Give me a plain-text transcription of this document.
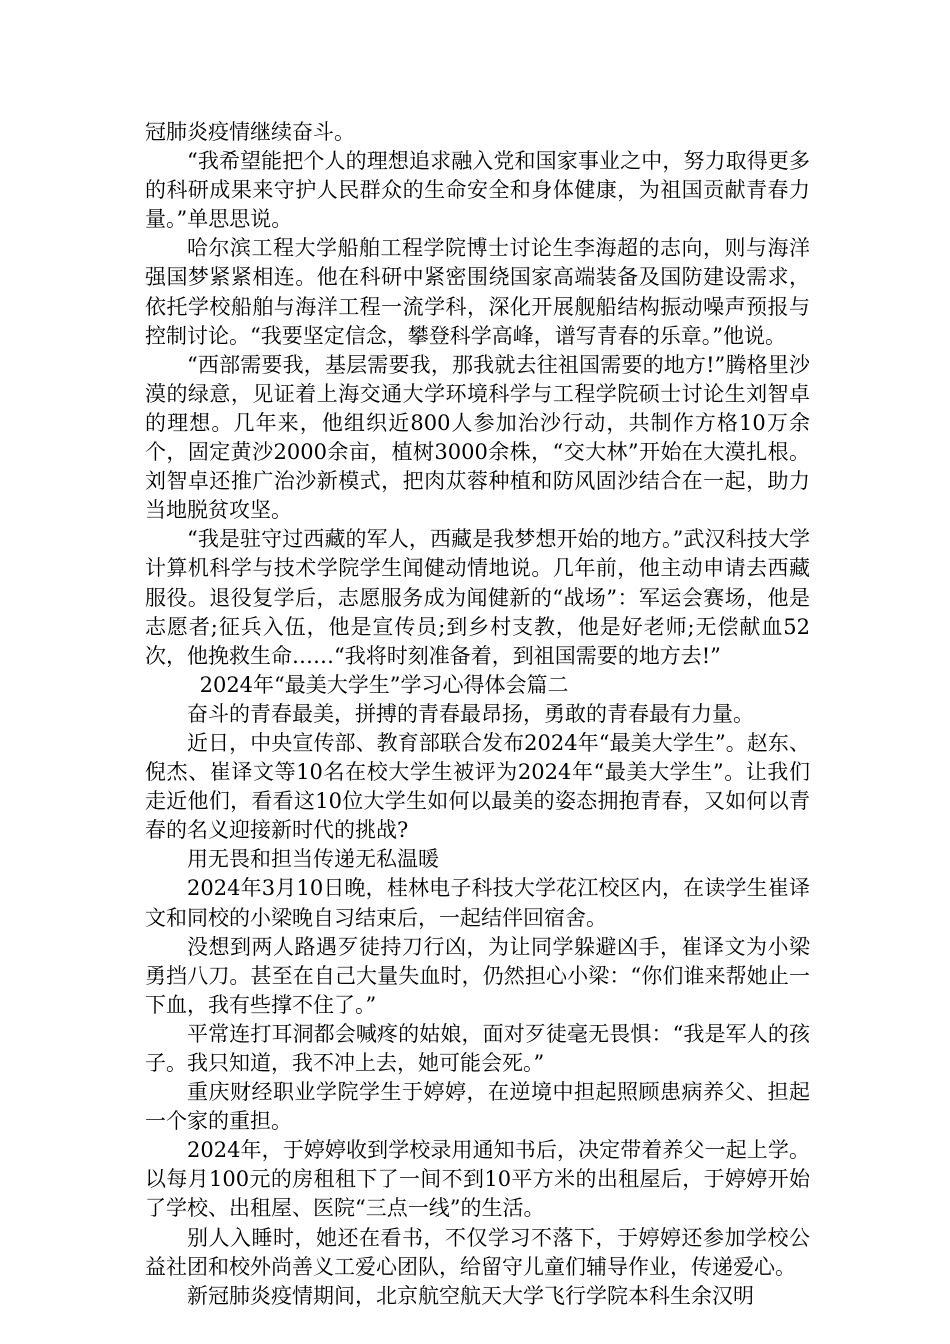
冠肺炎疫情继续奋斗。

“我希望能把个人的理想追求融入党和国家事业之中，努力取得更多的科研成果来守护人民群众的生命安全和身体健康，为祖国贡献青春力量。”单思思说。

哈尔滨工程大学船舶工程学院博士讨论生李海超的志向，则与海洋强国梦紧紧相连。他在科研中紧密围绕国家高端装备及国防建设需求，依托学校船舶与海洋工程一流学科，深化开展舰船结构振动噪声预报与控制讨论。“我要坚定信念，攀登科学高峰，谱写青春的乐章。”他说。

“西部需要我，基层需要我，那我就去往祖国需要的地方!”腾格里沙漠的绿意，见证着上海交通大学环境科学与工程学院硕士讨论生刘智卓的理想。几年来，他组织近800人参加治沙行动，共制作方格10万余个，固定黄沙2000余亩，植树3000余株，“交大林”开始在大漠扎根。刘智卓还推广治沙新模式，把肉苁蓉种植和防风固沙结合在一起，助力当地脱贫攻坚。

“我是驻守过西藏的军人，西藏是我梦想开始的地方。”武汉科技大学计算机科学与技术学院学生闻健动情地说。几年前，他主动申请去西藏服役。退役复学后，志愿服务成为闻健新的“战场”：军运会赛场，他是志愿者;征兵入伍，他是宣传员;到乡村支教，他是好老师;无偿献血52次，他挽救生命……“我将时刻准备着，到祖国需要的地方去!”

2024年“最美大学生”学习心得体会篇二

奋斗的青春最美，拼搏的青春最昂扬，勇敢的青春最有力量。

近日，中央宣传部、教育部联合发布2024年“最美大学生”。赵东、倪杰、崔译文等10名在校大学生被评为2024年“最美大学生”。让我们走近他们，看看这10位大学生如何以最美的姿态拥抱青春，又如何以青春的名义迎接新时代的挑战?

用无畏和担当传递无私温暖

2024年3月10日晚，桂林电子科技大学花江校区内，在读学生崔译文和同校的小梁晚自习结束后，一起结伴回宿舍。

没想到两人路遇歹徒持刀行凶，为让同学躲避凶手，崔译文为小梁勇挡八刀。甚至在自己大量失血时，仍然担心小梁：“你们谁来帮她止一下血，我有些撑不住了。”

平常连打耳洞都会喊疼的姑娘，面对歹徒毫无畏惧：“我是军人的孩子。我只知道，我不冲上去，她可能会死。”

重庆财经职业学院学生于婷婷，在逆境中担起照顾患病养父、担起一个家的重担。

2024年，于婷婷收到学校录用通知书后，决定带着养父一起上学。以每月100元的房租租下了一间不到10平方米的出租屋后，于婷婷开始了学校、出租屋、医院“三点一线”的生活。

别人入睡时，她还在看书，不仅学习不落下，于婷婷还参加学校公益社团和校外尚善义工爱心团队，给留守儿童们辅导作业，传递爱心。

新冠肺炎疫情期间，北京航空航天大学飞行学院本科生余汉明
